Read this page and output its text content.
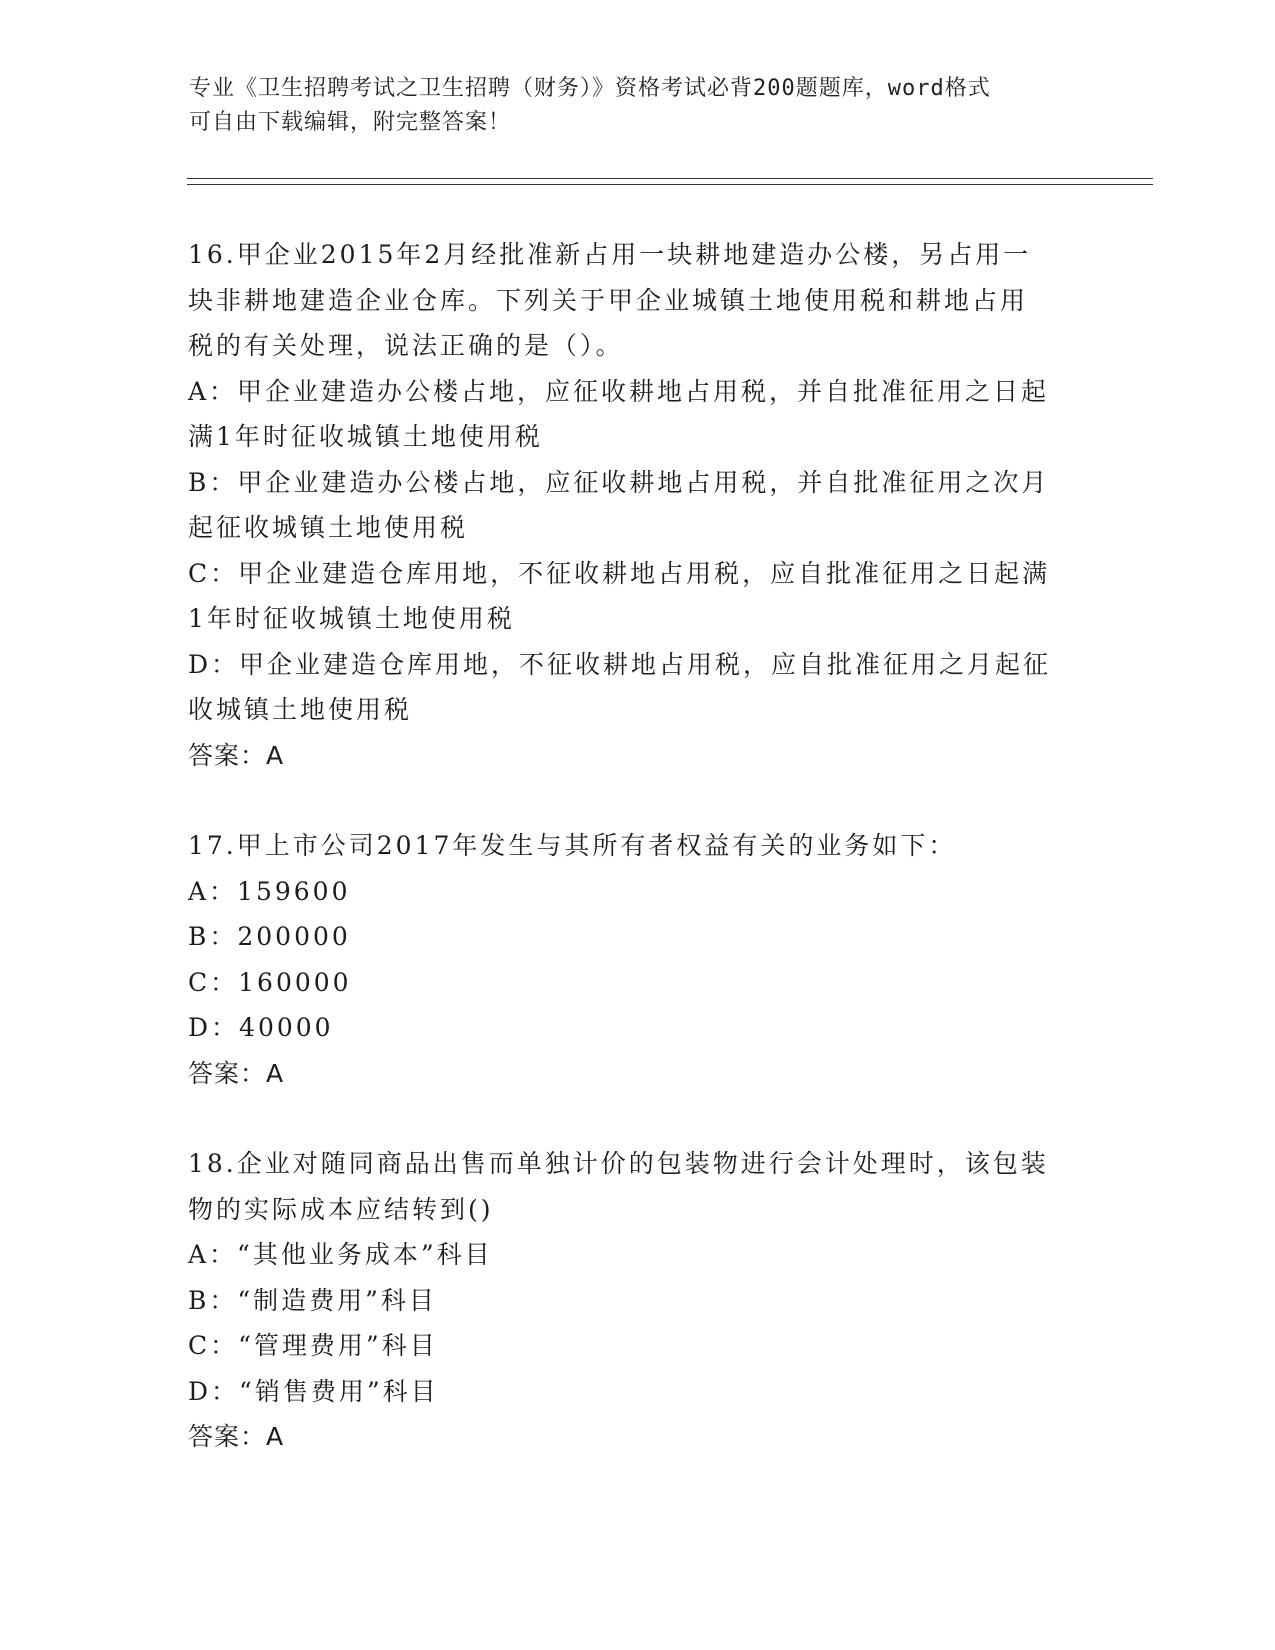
专业《卫生招聘考试之卫生招聘（财务）》资格考试必背200题题库，word格式
可自由下载编辑，附完整答案！
16.甲企业2015年2月经批准新占用一块耕地建造办公楼，另占用一
块非耕地建造企业仓库。下列关于甲企业城镇土地使用税和耕地占用
税的有关处理，说法正确的是（）。
A：甲企业建造办公楼占地，应征收耕地占用税，并自批准征用之日起
满1年时征收城镇土地使用税
B：甲企业建造办公楼占地，应征收耕地占用税，并自批准征用之次月
起征收城镇土地使用税
C：甲企业建造仓库用地，不征收耕地占用税，应自批准征用之日起满
1年时征收城镇土地使用税
D：甲企业建造仓库用地，不征收耕地占用税，应自批准征用之月起征
收城镇土地使用税
答案：A
17.甲上市公司2017年发生与其所有者权益有关的业务如下：
A：159600
B：200000
C：160000
D：40000
答案：A
18.企业对随同商品出售而单独计价的包装物进行会计处理时，该包装
物的实际成本应结转到()
A：“其他业务成本”科目
B：“制造费用”科目
C：“管理费用”科目
D：“销售费用”科目
答案：A
